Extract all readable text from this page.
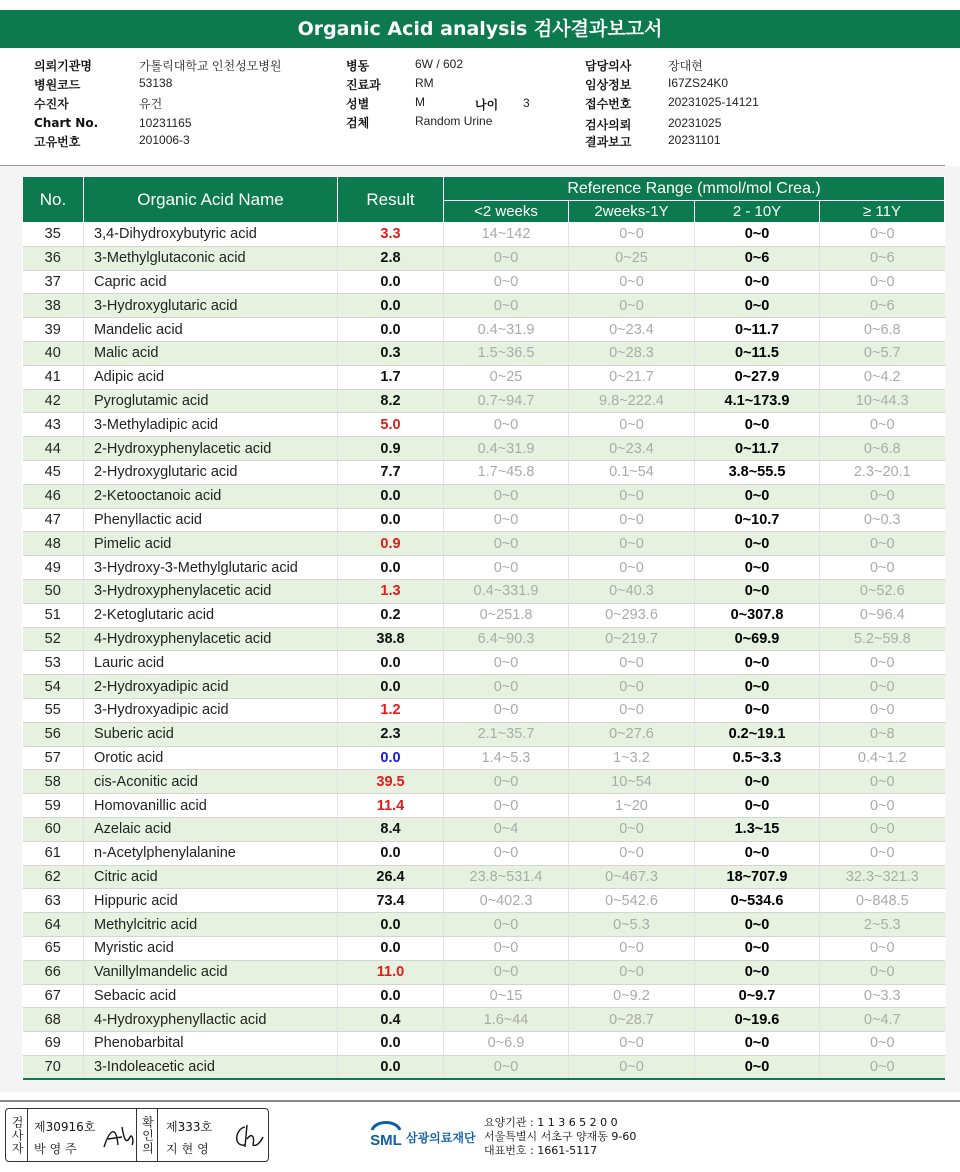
Organic Acid analysis 검사결과보고서
의뢰기관명	가톨릭대학교 인천성모병원
병원코드	53138
수진자	유건
Chart No.	10231165
고유번호	201006-3
병동	6W / 602
진료과	RM
성별	M
검체	Random Urine
담당의사	장대현
임상정보	I67ZS24K0
접수번호	20231025-14121
검사의뢰	20231025
결과보고	20231101
나이 3
No.	Organic Acid Name	Result	Reference Range (mmol/mol Crea.)			
			<2 weeks	2weeks-1Y	2 - 10Y	≥ 11Y
35	3,4-Dihydroxybutyric acid	3.3	14~142	0~0	0~0	0~0
36	3-Methylglutaconic acid	2.8	0~0	0~25	0~6	0~6
37	Capric acid	0.0	0~0	0~0	0~0	0~0
38	3-Hydroxyglutaric acid	0.0	0~0	0~0	0~0	0~6
39	Mandelic acid	0.0	0.4~31.9	0~23.4	0~11.7	0~6.8
40	Malic acid	0.3	1.5~36.5	0~28.3	0~11.5	0~5.7
41	Adipic acid	1.7	0~25	0~21.7	0~27.9	0~4.2
42	Pyroglutamic acid	8.2	0.7~94.7	9.8~222.4	4.1~173.9	10~44.3
43	3-Methyladipic acid	5.0	0~0	0~0	0~0	0~0
44	2-Hydroxyphenylacetic acid	0.9	0.4~31.9	0~23.4	0~11.7	0~6.8
45	2-Hydroxyglutaric acid	7.7	1.7~45.8	0.1~54	3.8~55.5	2.3~20.1
46	2-Ketooctanoic acid	0.0	0~0	0~0	0~0	0~0
47	Phenyllactic acid	0.0	0~0	0~0	0~10.7	0~0.3
48	Pimelic acid	0.9	0~0	0~0	0~0	0~0
49	3-Hydroxy-3-Methylglutaric acid	0.0	0~0	0~0	0~0	0~0
50	3-Hydroxyphenylacetic acid	1.3	0.4~331.9	0~40.3	0~0	0~52.6
51	2-Ketoglutaric acid	0.2	0~251.8	0~293.6	0~307.8	0~96.4
52	4-Hydroxyphenylacetic acid	38.8	6.4~90.3	0~219.7	0~69.9	5.2~59.8
53	Lauric acid	0.0	0~0	0~0	0~0	0~0
54	2-Hydroxyadipic acid	0.0	0~0	0~0	0~0	0~0
55	3-Hydroxyadipic acid	1.2	0~0	0~0	0~0	0~0
56	Suberic acid	2.3	2.1~35.7	0~27.6	0.2~19.1	0~8
57	Orotic acid	0.0	1.4~5.3	1~3.2	0.5~3.3	0.4~1.2
58	cis-Aconitic acid	39.5	0~0	10~54	0~0	0~0
59	Homovanillic acid	11.4	0~0	1~20	0~0	0~0
60	Azelaic acid	8.4	0~4	0~0	1.3~15	0~0
61	n-Acetylphenylalanine	0.0	0~0	0~0	0~0	0~0
62	Citric acid	26.4	23.8~531.4	0~467.3	18~707.9	32.3~321.3
63	Hippuric acid	73.4	0~402.3	0~542.6	0~534.6	0~848.5
64	Methylcitric acid	0.0	0~0	0~5.3	0~0	2~5.3
65	Myristic acid	0.0	0~0	0~0	0~0	0~0
66	Vanillylmandelic acid	11.0	0~0	0~0	0~0	0~0
67	Sebacic acid	0.0	0~15	0~9.2	0~9.7	0~3.3
68	4-Hydroxyphenyllactic acid	0.4	1.6~44	0~28.7	0~19.6	0~4.7
69	Phenobarbital	0.0	0~6.9	0~0	0~0	0~0
70	3-Indoleacetic acid	0.0	0~0	0~0	0~0	0~0
검사자 제30916호
박영주	확인의 제333호
지현영	SML 삼광의료재단
요양기관 : 1 1 3 6 5 2 0 0
서울특별시 서초구 양재동 9-60
대표번호 : 1661-5117
